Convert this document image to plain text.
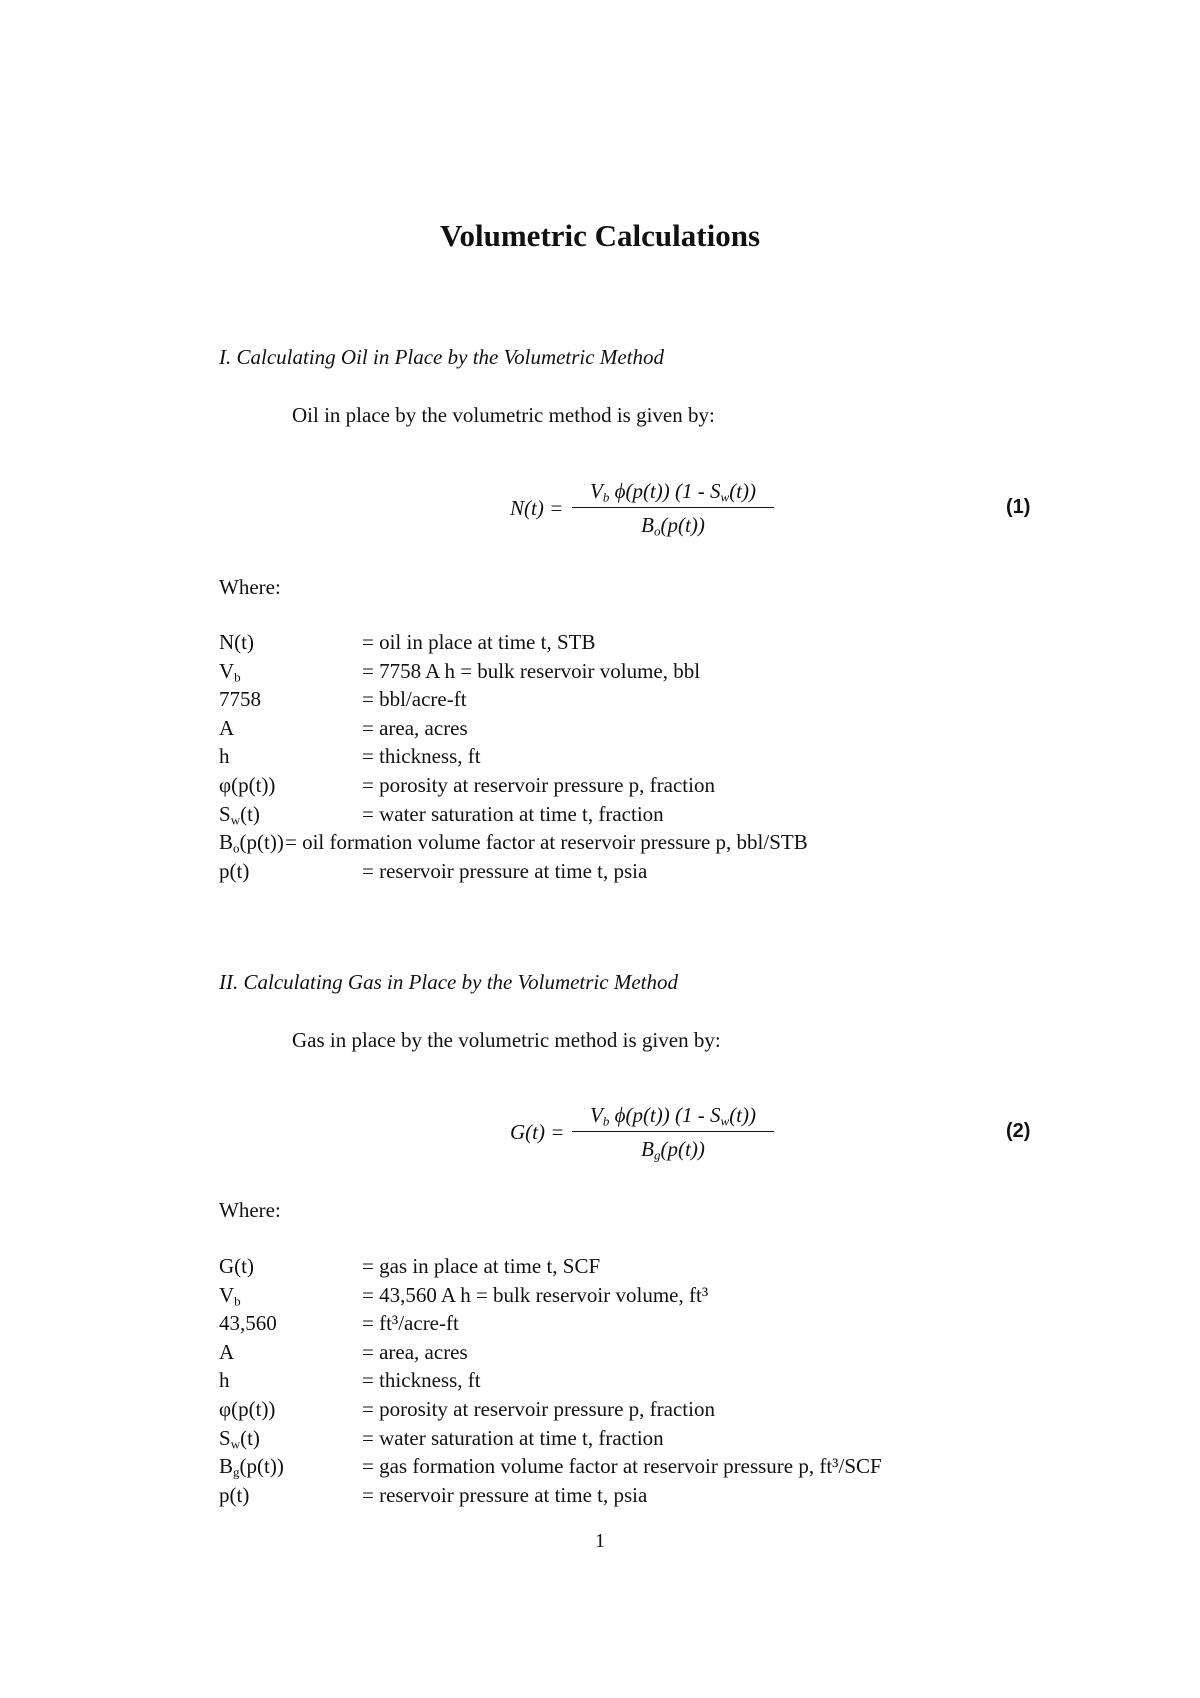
Volumetric Calculations
I. Calculating Oil in Place by the Volumetric Method
Oil in place by the volumetric method is given by:
N(t) =
$V_b$ ϕ(p(t)) $(1 - S_w(t))$
$B_o(p(t))$
(1)
Where:
N(t)	= oil in place at time t, STB
$V_b$	= 7758 A h = bulk reservoir volume, bbl
7758	= bbl/acre-ft
A	= area, acres
h	= thickness, ft
φ(p(t))	= porosity at reservoir pressure p, fraction
$S_w(t)$	= water saturation at time t, fraction
$B_o(p(t))$ = oil formation volume factor at reservoir pressure p, bbl/STB
p(t)	= reservoir pressure at time t, psia
II. Calculating Gas in Place by the Volumetric Method
Gas in place by the volumetric method is given by:
G(t) =
$V_b$ ϕ(p(t)) $(1 - S_w(t))$
$B_g(p(t))$
(2)
Where:
G(t)	= gas in place at time t, SCF
$V_b$	= 43,560 A h = bulk reservoir volume, ft³
43,560	= ft³/acre-ft
A	= area, acres
h	= thickness, ft
φ(p(t))	= porosity at reservoir pressure p, fraction
$S_w(t)$	= water saturation at time t, fraction
$B_g(p(t))$	= gas formation volume factor at reservoir pressure p, ft³/SCF
p(t)	= reservoir pressure at time t, psia
1
